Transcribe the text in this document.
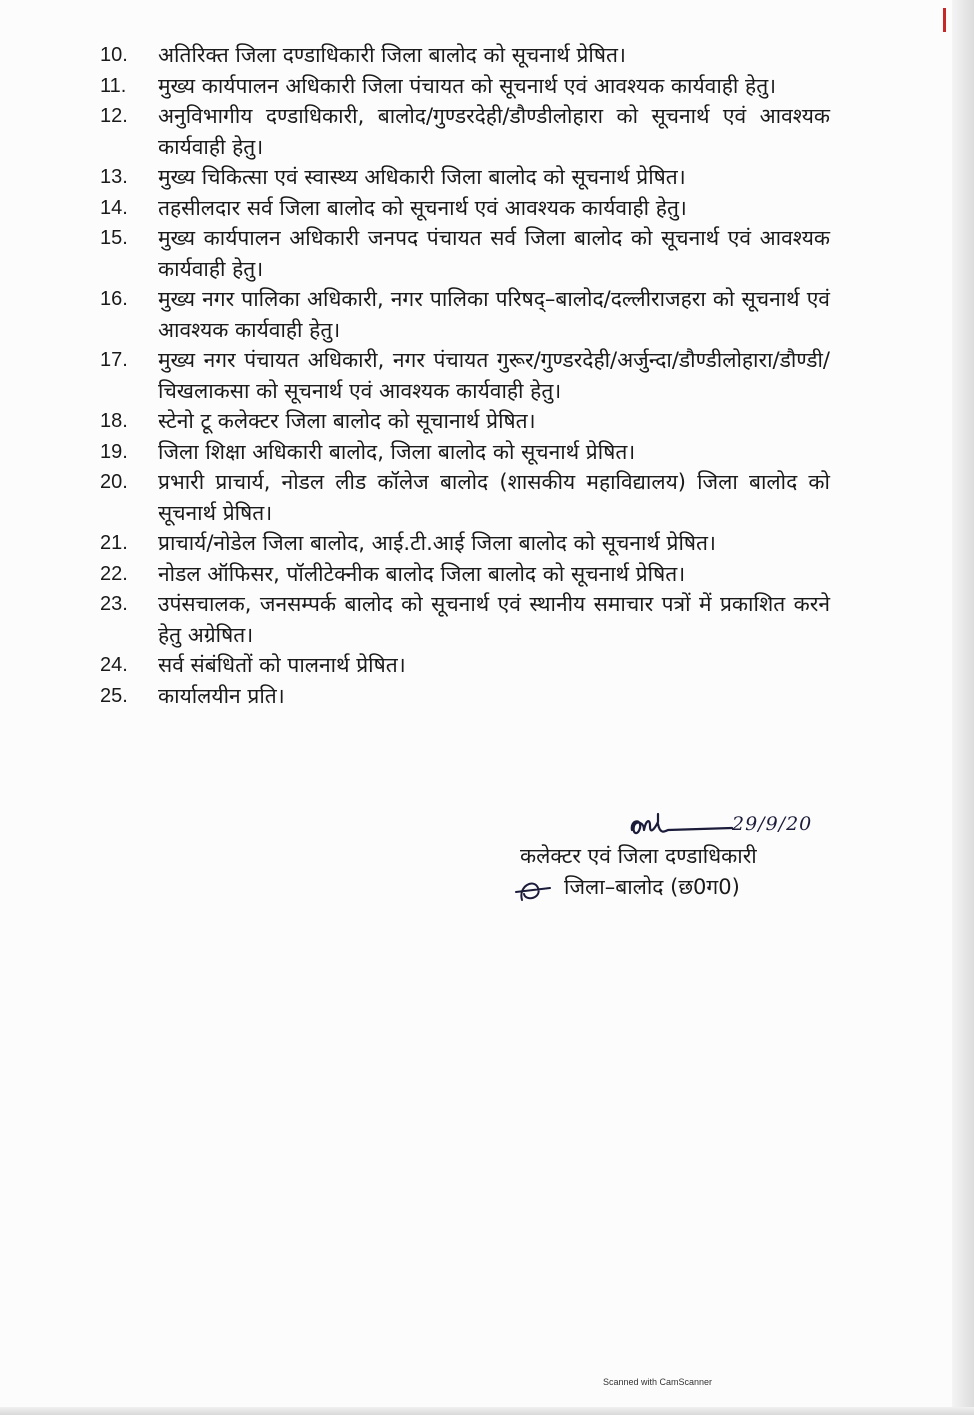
10.	अतिरिक्त जिला दण्डाधिकारी जिला बालोद को सूचनार्थ प्रेषित।
11.	मुख्य कार्यपालन अधिकारी जिला पंचायत को सूचनार्थ एवं आवश्यक कार्यवाही हेतु।
12.	अनुविभागीय दण्डाधिकारी, बालोद/गुण्डरदेही/डौण्डीलोहारा को सूचनार्थ एवं आवश्यक कार्यवाही हेतु।
13.	मुख्य चिकित्सा एवं स्वास्थ्य अधिकारी जिला बालोद को सूचनार्थ प्रेषित।
14.	तहसीलदार सर्व जिला बालोद को सूचनार्थ एवं आवश्यक कार्यवाही हेतु।
15.	मुख्य कार्यपालन अधिकारी जनपद पंचायत सर्व जिला बालोद को सूचनार्थ एवं आवश्यक कार्यवाही हेतु।
16.	मुख्य नगर पालिका अधिकारी, नगर पालिका परिषद्–बालोद/दल्लीराजहरा को सूचनार्थ एवं आवश्यक कार्यवाही हेतु।
17.	मुख्य नगर पंचायत अधिकारी, नगर पंचायत गुरूर/गुण्डरदेही/अर्जुन्दा/डौण्डीलोहारा/डौण्डी/चिखलाकसा को सूचनार्थ एवं आवश्यक कार्यवाही हेतु।
18.	स्टेनो टू कलेक्टर जिला बालोद को सूचानार्थ प्रेषित।
19.	जिला शिक्षा अधिकारी बालोद, जिला बालोद को सूचनार्थ प्रेषित।
20.	प्रभारी प्राचार्य, नोडल लीड कॉलेज बालोद (शासकीय महाविद्यालय) जिला बालोद को सूचनार्थ प्रेषित।
21.	प्राचार्य/नोडेल जिला बालोद, आई.टी.आई जिला बालोद को सूचनार्थ प्रेषित।
22.	नोडल ऑफिसर, पॉलीटेक्नीक बालोद जिला बालोद को सूचनार्थ प्रेषित।
23.	उपंसचालक, जनसम्पर्क बालोद को सूचनार्थ एवं स्थानीय समाचार पत्रों में प्रकाशित करने हेतु अग्रेषित।
24.	सर्व संबंधितों को पालनार्थ प्रेषित।
25.	कार्यालयीन प्रति।
29/9/20
कलेक्टर एवं जिला दण्डाधिकारी
जिला–बालोद (छ0ग0)
Scanned with CamScanner
